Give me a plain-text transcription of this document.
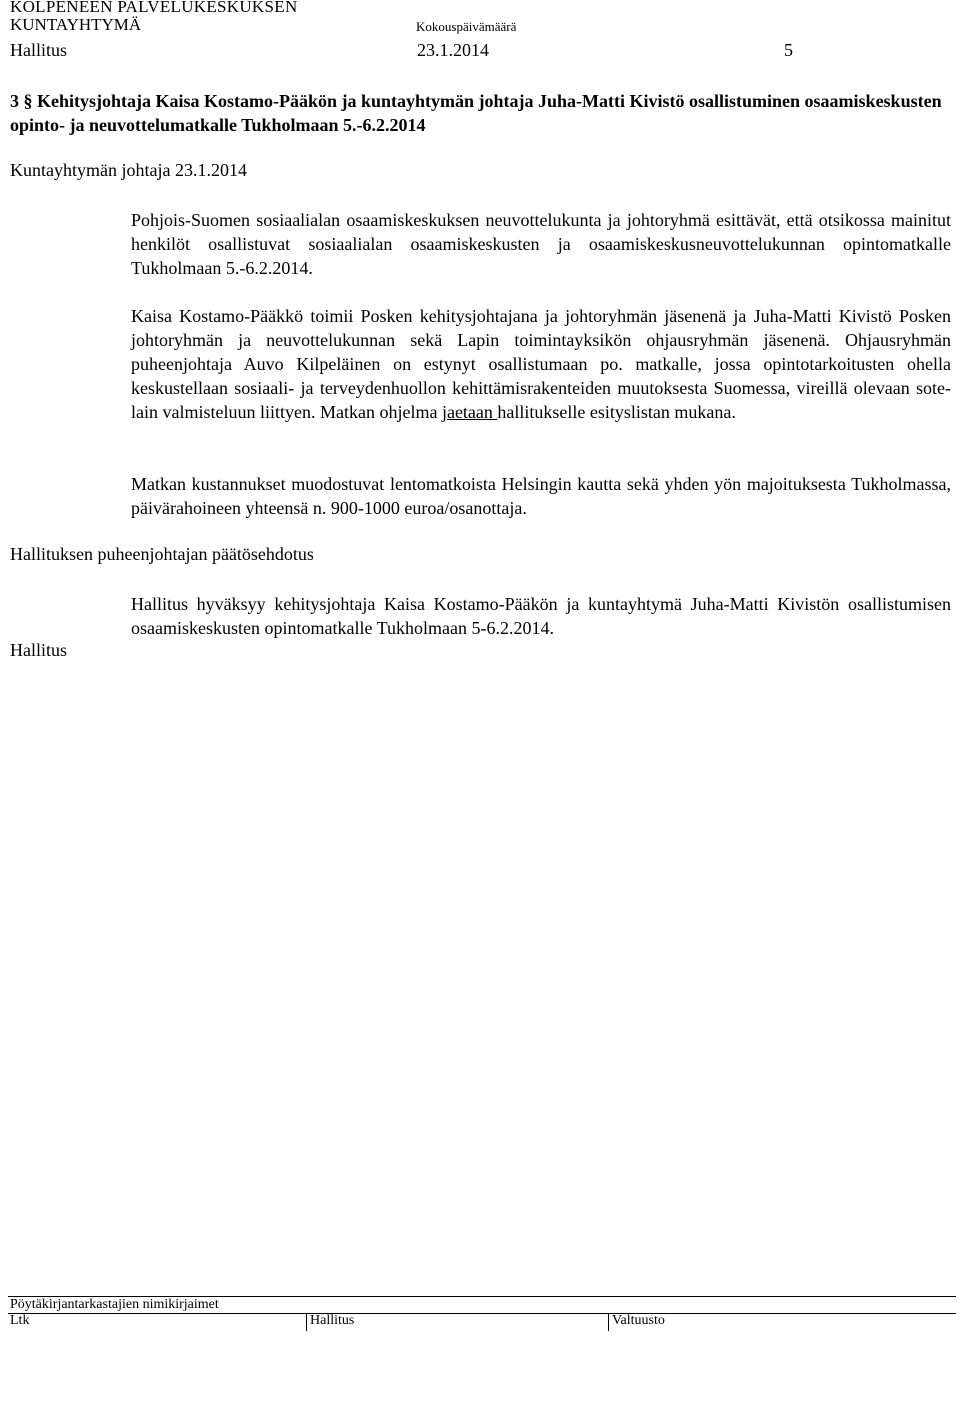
KOLPENEEN PALVELUKESKUKSEN
KUNTAYHTYMÄ	Kokouspäivämäärä
Hallitus	23.1.2014	5
3 § Kehitysjohtaja Kaisa Kostamo-Pääkön ja kuntayhtymän johtaja Juha-Matti Kivistö osallistuminen osaamiskeskusten opinto- ja neuvottelumatkalle Tukholmaan 5.-6.2.2014
Kuntayhtymän johtaja 23.1.2014
Pohjois-Suomen sosiaalialan osaamiskeskuksen neuvottelukunta ja johtoryhmä esittävät, että otsikossa mainitut henkilöt osallistuvat sosiaalialan osaamiskeskusten ja osaamiskeskusneuvottelukunnan opintomatkalle Tukholmaan 5.-6.2.2014.
Kaisa Kostamo-Pääkkö toimii Posken kehitysjohtajana ja johtoryhmän jäsenenä ja Juha-Matti Kivistö Posken johtoryhmän ja neuvottelukunnan sekä Lapin toimintayksikön ohjausryhmän jäsenenä. Ohjausryhmän puheenjohtaja Auvo Kilpeläinen on estynyt osallistumaan po. matkalle, jossa opintotarkoitusten ohella keskustellaan sosiaali- ja terveydenhuollon kehittämisrakenteiden muutoksesta Suomessa, vireillä olevaan sote-lain valmisteluun liittyen. Matkan ohjelma jaetaan hallitukselle esityslistan mukana.
Matkan kustannukset muodostuvat lentomatkoista Helsingin kautta sekä yhden yön majoituksesta Tukholmassa, päivärahoineen yhteensä n. 900-1000 euroa/osanottaja.
Hallituksen puheenjohtajan päätösehdotus
Hallitus
Hallitus hyväksyy kehitysjohtaja Kaisa Kostamo-Pääkön ja kuntayhtymä Juha-Matti Kivistön osallistumisen osaamiskeskusten opintomatkalle Tukholmaan 5-6.2.2014.
Pöytäkirjantarkastajien nimikirjaimet
Ltk	Hallitus	Valtuusto
